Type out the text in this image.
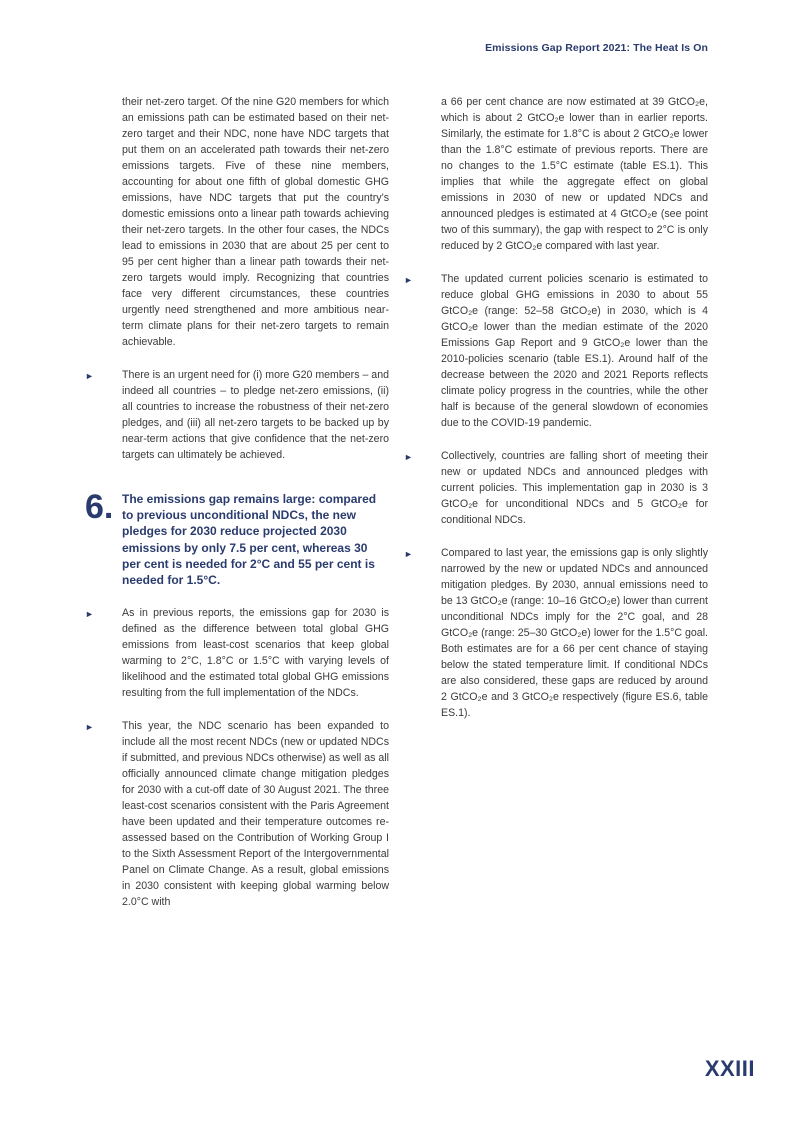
Emissions Gap Report 2021: The Heat Is On

their net-zero target. Of the nine G20 members for which an emissions path can be estimated based on their net-zero target and their NDC, none have NDC targets that put them on an accelerated path towards their net-zero emissions targets. Five of these nine members, accounting for about one fifth of global domestic GHG emissions, have NDC targets that put the country’s domestic emissions onto a linear path towards achieving their net-zero targets. In the other four cases, the NDCs lead to emissions in 2030 that are about 25 per cent to 95 per cent higher than a linear path towards their net-zero targets would imply. Recognizing that countries face very different circumstances, these countries urgently need strengthened and more ambitious near-term climate plans for their net-zero targets to remain achievable.

►	There is an urgent need for (i) more G20 members – and indeed all countries – to pledge net-zero emissions, (ii) all countries to increase the robustness of their net-zero pledges, and (iii) all net-zero targets to be backed up by near-term actions that give confidence that the net-zero targets can ultimately be achieved.

6. The emissions gap remains large: compared to previous unconditional NDCs, the new pledges for 2030 reduce projected 2030 emissions by only 7.5 per cent, whereas 30 per cent is needed for 2°C and 55 per cent is needed for 1.5°C.

►	As in previous reports, the emissions gap for 2030 is defined as the difference between total global GHG emissions from least-cost scenarios that keep global warming to 2°C, 1.8°C or 1.5°C with varying levels of likelihood and the estimated total global GHG emissions resulting from the full implementation of the NDCs.

►	This year, the NDC scenario has been expanded to include all the most recent NDCs (new or updated NDCs if submitted, and previous NDCs otherwise) as well as all officially announced climate change mitigation pledges for 2030 with a cut-off date of 30 August 2021. The three least-cost scenarios consistent with the Paris Agreement have been updated and their temperature outcomes re-assessed based on the Contribution of Working Group I to the Sixth Assessment Report of the Intergovernmental Panel on Climate Change. As a result, global emissions in 2030 consistent with keeping global warming below 2.0°C with

a 66 per cent chance are now estimated at 39 GtCO₂e, which is about 2 GtCO₂e lower than in earlier reports. Similarly, the estimate for 1.8°C is about 2 GtCO₂e lower than the 1.8°C estimate of previous reports. There are no changes to the 1.5°C estimate (table ES.1). This implies that while the aggregate effect on global emissions in 2030 of new or updated NDCs and announced pledges is estimated at 4 GtCO₂e (see point two of this summary), the gap with respect to 2°C is only reduced by 2 GtCO₂e compared with last year.

►	The updated current policies scenario is estimated to reduce global GHG emissions in 2030 to about 55 GtCO₂e (range: 52–58 GtCO₂e) in 2030, which is 4 GtCO₂e lower than the median estimate of the 2020 Emissions Gap Report and 9 GtCO₂e lower than the 2010-policies scenario (table ES.1). Around half of the decrease between the 2020 and 2021 Reports reflects climate policy progress in the countries, while the other half is because of the general slowdown of economies due to the COVID-19 pandemic.

►	Collectively, countries are falling short of meeting their new or updated NDCs and announced pledges with current policies. This implementation gap in 2030 is 3 GtCO₂e for unconditional NDCs and 5 GtCO₂e for conditional NDCs.

►	Compared to last year, the emissions gap is only slightly narrowed by the new or updated NDCs and announced mitigation pledges. By 2030, annual emissions need to be 13 GtCO₂e (range: 10–16 GtCO₂e) lower than current unconditional NDCs imply for the 2°C goal, and 28 GtCO₂e (range: 25–30 GtCO₂e) lower for the 1.5°C goal. Both estimates are for a 66 per cent chance of staying below the stated temperature limit. If conditional NDCs are also considered, these gaps are reduced by around 2 GtCO₂e and 3 GtCO₂e respectively (figure ES.6, table ES.1).

XXIII
